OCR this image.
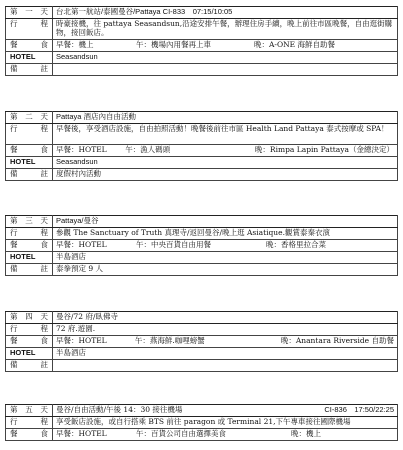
第一天	台北第一航站/泰國曼谷/Pattaya CI-833　07:15/10:05
行　程	時豪接機，往 pattaya Seasandsun,沿途安排午餐，辦理住房手續，晚上前往市區晚餐，自由逛街購物，接回飯店。
餐　食	早餐：機上 午：機場內用餐再上車 晚：A-ONE 海鮮自助餐

HOTEL	Seasandsun
備　註	
第二天	Pattaya 酒店內自由活動
行　程	早餐後，享受酒店設施，自由拍照活動！晚餐後前往市區 Health Land Pattaya 泰式按摩或 SPA！
餐　食	早餐：HOTEL 午：漁人碼頭 晚：Rimpa Lapin Pattaya（金總決定）

HOTEL	Seasandsun
備　註	度假村內活動
第三天	Pattaya/曼谷
行　程	參觀 The Sanctuary of Truth 真理寺/返回曼谷/晚上逛 Asiatique.觀賞泰秦衣演
餐　食	早餐：HOTEL 午：中央百貨自由用餐 晚：香格里拉合菜

HOTEL	半島酒店
備　註	泰拳預定 9 人
第四天	曼谷/72 府/臥佛寺
行　程	72 府.遊園.
餐　食	早餐：HOTEL 午：燕海鮮.咖哩螃蟹 晚：Anantara Riverside 自助餐

HOTEL	半島酒店
備　註	
第五天	曼谷/自由活動/午後 14：30 接往機場 CI-836　17:50/22:25

行　程	享受飯店設施，或自行搭乘 BTS 前往 paragon 或 Terminal 21,下午專車接往國際機場
餐　食	早餐：HOTEL 午：百貨公司自由選擇美食 晚：機上
